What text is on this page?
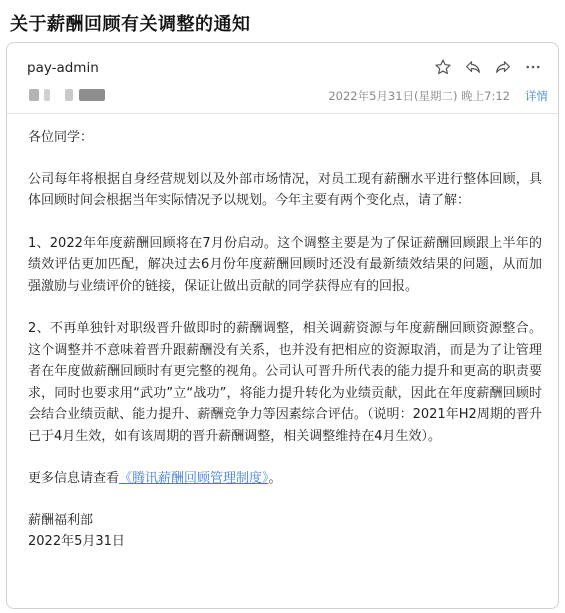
关于薪酬回顾有关调整的通知
pay-admin
2022年5月31日(星期二) 晚上7:12 详情

各位同学：

公司每年将根据自身经营规划以及外部市场情况，对员工现有薪酬水平进行整体回顾，具体回顾时间会根据当年实际情况予以规划。今年主要有两个变化点，请了解：

1、2022年年度薪酬回顾将在7月份启动。这个调整主要是为了保证薪酬回顾跟上半年的绩效评估更加匹配，解决过去6月份年度薪酬回顾时还没有最新绩效结果的问题，从而加强激励与业绩评价的链接，保证让做出贡献的同学获得应有的回报。

2、不再单独针对职级晋升做即时的薪酬调整，相关调薪资源与年度薪酬回顾资源整合。这个调整并不意味着晋升跟薪酬没有关系，也并没有把相应的资源取消，而是为了让管理者在年度做薪酬回顾时有更完整的视角。公司认可晋升所代表的能力提升和更高的职责要求，同时也要求用“武功”立“战功”，将能力提升转化为业绩贡献，因此在年度薪酬回顾时会结合业绩贡献、能力提升、薪酬竞争力等因素综合评估。（说明：2021年H2周期的晋升已于4月生效，如有该周期的晋升薪酬调整，相关调整维持在4月生效）。

更多信息请查看《腾讯薪酬回顾管理制度》。

薪酬福利部

2022年5月31日
